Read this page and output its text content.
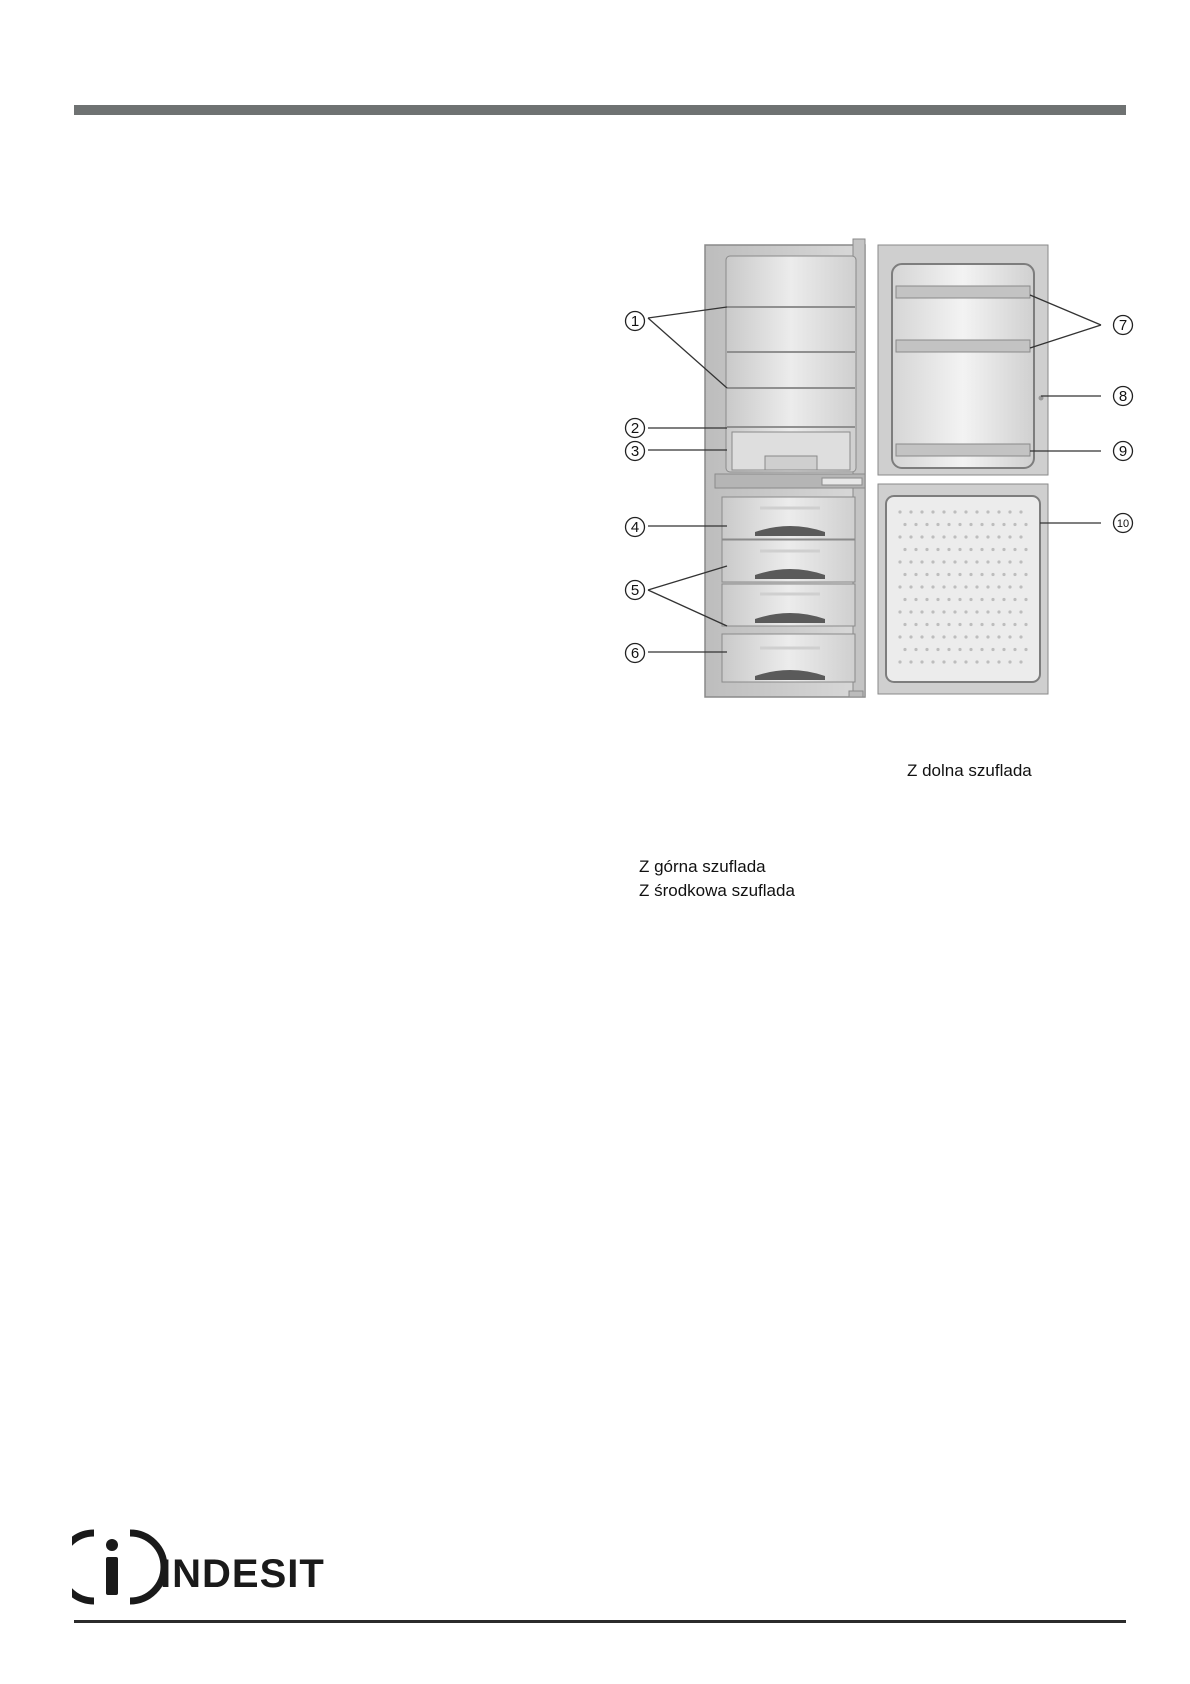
1
2
3
4
5
6
7
8
9
10
Z dolna szuflada
Z górna szuflada
Z środkowa szuflada
INDESIT
